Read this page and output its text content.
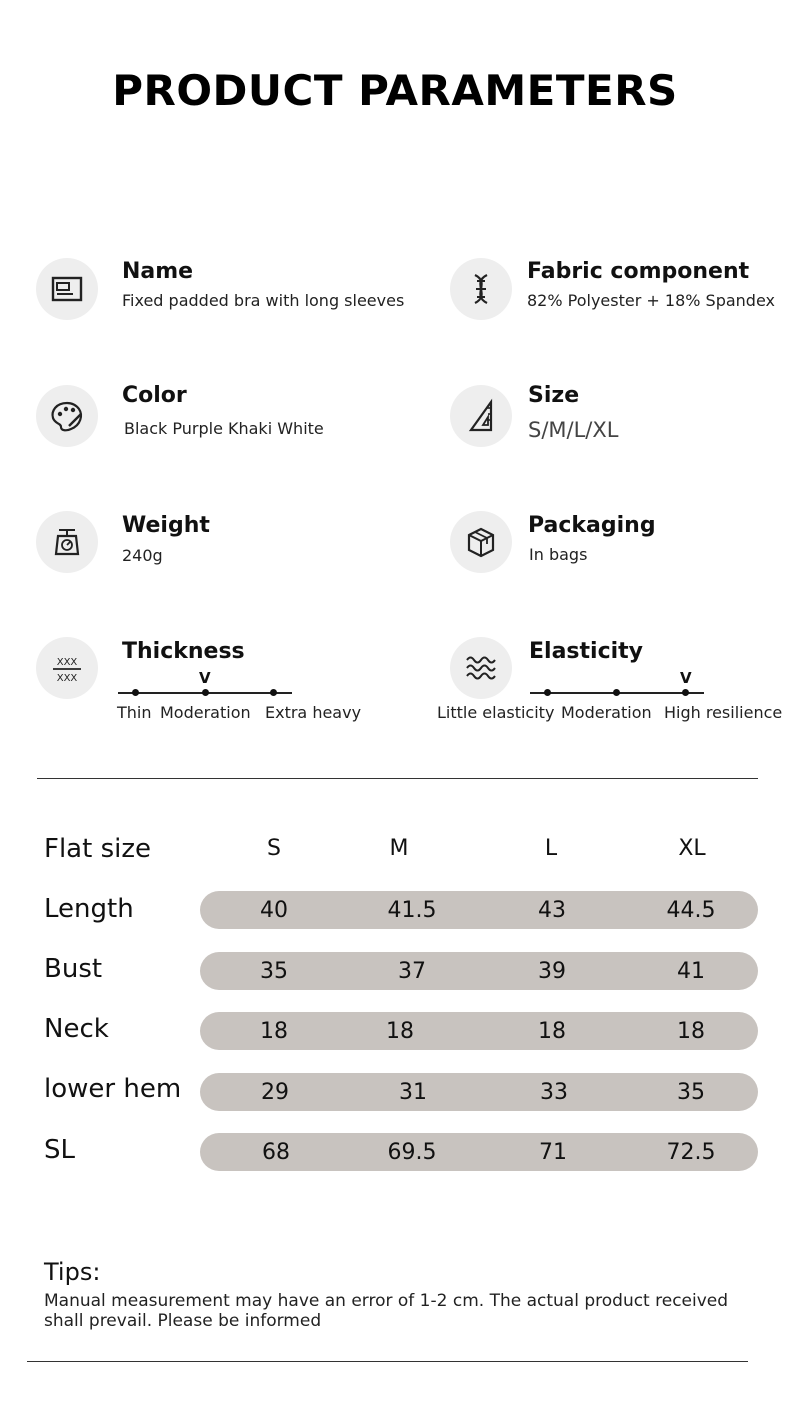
PRODUCT PARAMETERS
Name
Fixed padded bra with long sleeves
Fabric component
82% Polyester + 18% Spandex
Color
Black Purple Khaki White
Size
S/M/L/XL
Weight
240g
Packaging
In bags
XXX
XXX
Thickness
V
Thin Moderation Extra heavy
Elasticity
V
Little elasticity Moderation High resilience
Flat size	S	M	L	XL
Length	40	41.5	43	44.5
Bust	35	37	39	41
Neck	18	18	18	18
lower hem	29	31	33	35
SL	68	69.5	71	72.5
Tips:
Manual measurement may have an error of 1-2 cm. The actual product received shall prevail. Please be informed
